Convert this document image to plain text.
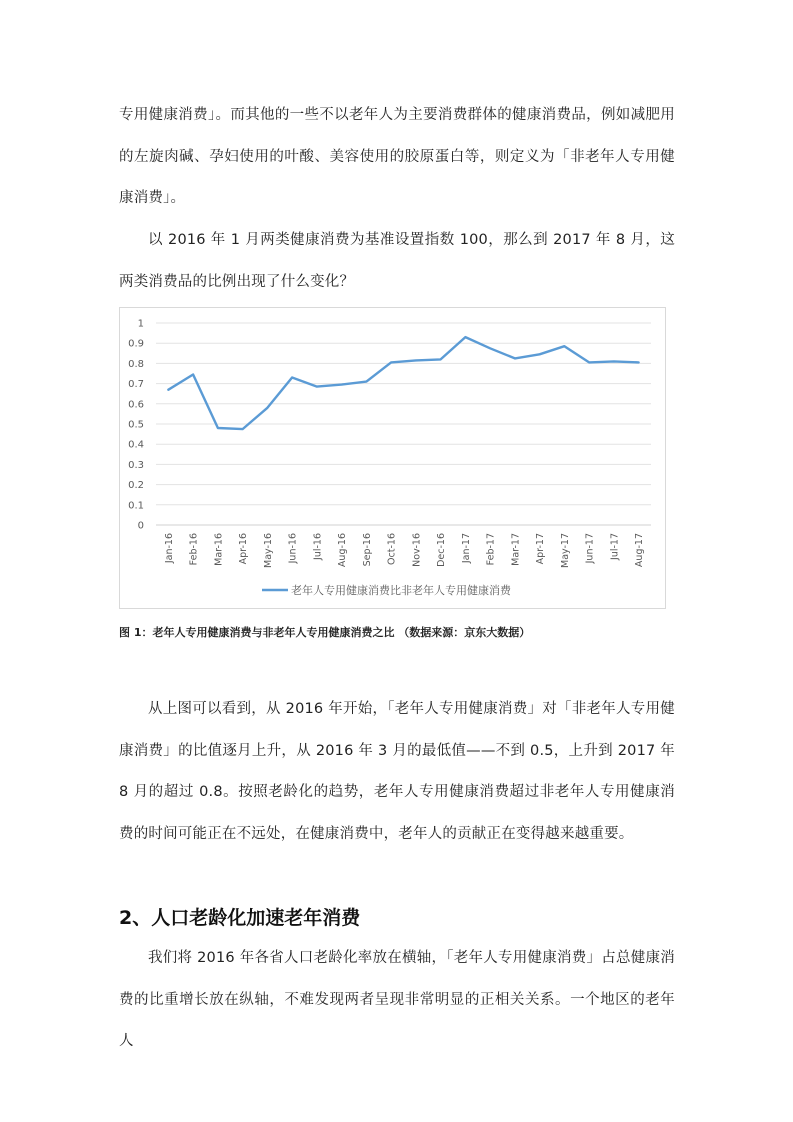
专用健康消费」。而其他的一些不以老年人为主要消费群体的健康消费品，例如减肥用的左旋肉碱、孕妇使用的叶酸、美容使用的胶原蛋白等，则定义为「非老年人专用健康消费」。

以 2016 年 1 月两类健康消费为基准设置指数 100，那么到 2017 年 8 月，这两类消费品的比例出现了什么变化？

0
0.1
0.2
0.3
0.4
0.5
0.6
0.7
0.8
0.9
1
Jan-16 Feb-16 Mar-16 Apr-16 May-16 Jun-16 Jul-16 Aug-16 Sep-16 Oct-16 Nov-16 Dec-16 Jan-17 Feb-17 Mar-17 Apr-17 May-17 Jun-17 Jul-17 Aug-17
老年人专用健康消费比非老年人专用健康消费

图 1：老年人专用健康消费与非老年人专用健康消费之比 （数据来源：京东大数据）

从上图可以看到，从 2016 年开始，「老年人专用健康消费」对「非老年人专用健康消费」的比值逐月上升，从 2016 年 3 月的最低值——不到 0.5，上升到 2017 年 8 月的超过 0.8。按照老龄化的趋势，老年人专用健康消费超过非老年人专用健康消费的时间可能正在不远处，在健康消费中，老年人的贡献正在变得越来越重要。

2、人口老龄化加速老年消费

我们将 2016 年各省人口老龄化率放在横轴，「老年人专用健康消费」占总健康消费的比重增长放在纵轴，不难发现两者呈现非常明显的正相关关系。一个地区的老年人
